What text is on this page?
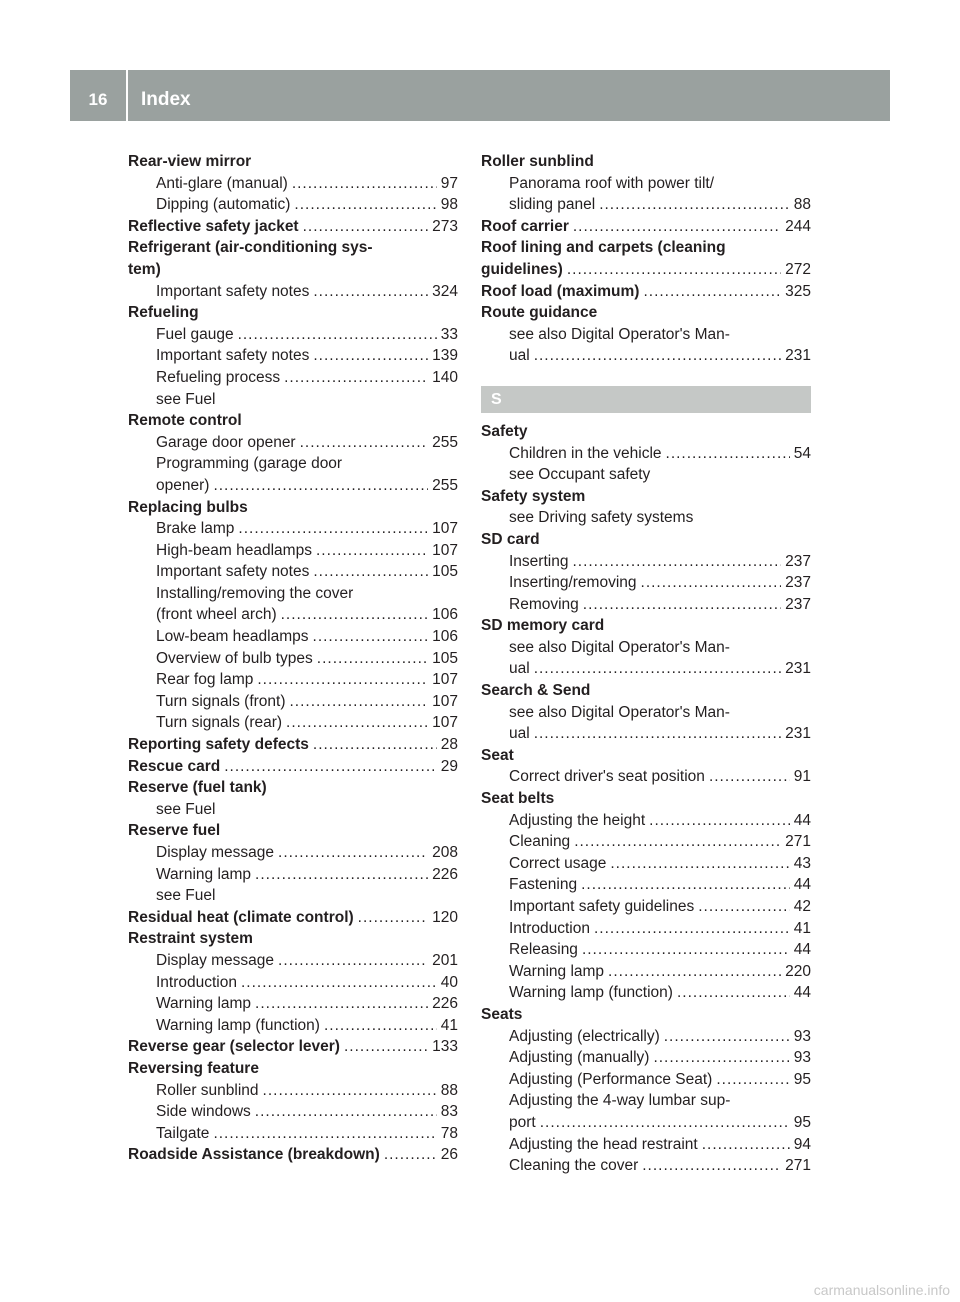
16	Index
Rear-view mirror
Anti-glare (manual) .....	97
Dipping (automatic) .....	98
Reflective safety jacket .....	273
Refrigerant (air-conditioning sys-
tem)
Important safety notes .....	324
Refueling
Fuel gauge .....	33
Important safety notes .....	139
Refueling process .....	140
see Fuel
Remote control
Garage door opener .....	255
Programming (garage door
opener) .....	255
Replacing bulbs
Brake lamp .....	107
High-beam headlamps .....	107
Important safety notes .....	105
Installing/removing the cover
(front wheel arch) .....	106
Low-beam headlamps .....	106
Overview of bulb types .....	105
Rear fog lamp .....	107
Turn signals (front) .....	107
Turn signals (rear) .....	107
Reporting safety defects .....	28
Rescue card .....	29
Reserve (fuel tank)
see Fuel
Reserve fuel
Display message .....	208
Warning lamp .....	226
see Fuel
Residual heat (climate control) .....	120
Restraint system
Display message .....	201
Introduction .....	40
Warning lamp .....	226
Warning lamp (function) .....	41
Reverse gear (selector lever) .....	133
Reversing feature
Roller sunblind .....	88
Side windows .....	83
Tailgate .....	78
Roadside Assistance (breakdown) .....	26
Roller sunblind
Panorama roof with power tilt/
sliding panel .....	88
Roof carrier .....	244
Roof lining and carpets (cleaning
guidelines) .....	272
Roof load (maximum) .....	325
Route guidance
see also Digital Operator's Man-
ual .....	231
S
Safety
Children in the vehicle .....	54
see Occupant safety
Safety system
see Driving safety systems
SD card
Inserting .....	237
Inserting/removing .....	237
Removing .....	237
SD memory card
see also Digital Operator's Man-
ual .....	231
Search & Send
see also Digital Operator's Man-
ual .....	231
Seat
Correct driver's seat position .....	91
Seat belts
Adjusting the height .....	44
Cleaning .....	271
Correct usage .....	43
Fastening .....	44
Important safety guidelines .....	42
Introduction .....	41
Releasing .....	44
Warning lamp .....	220
Warning lamp (function) .....	44
Seats
Adjusting (electrically) .....	93
Adjusting (manually) .....	93
Adjusting (Performance Seat) .....	95
Adjusting the 4-way lumbar sup-
port .....	95
Adjusting the head restraint .....	94
Cleaning the cover .....	271
carmanualsonline.info
